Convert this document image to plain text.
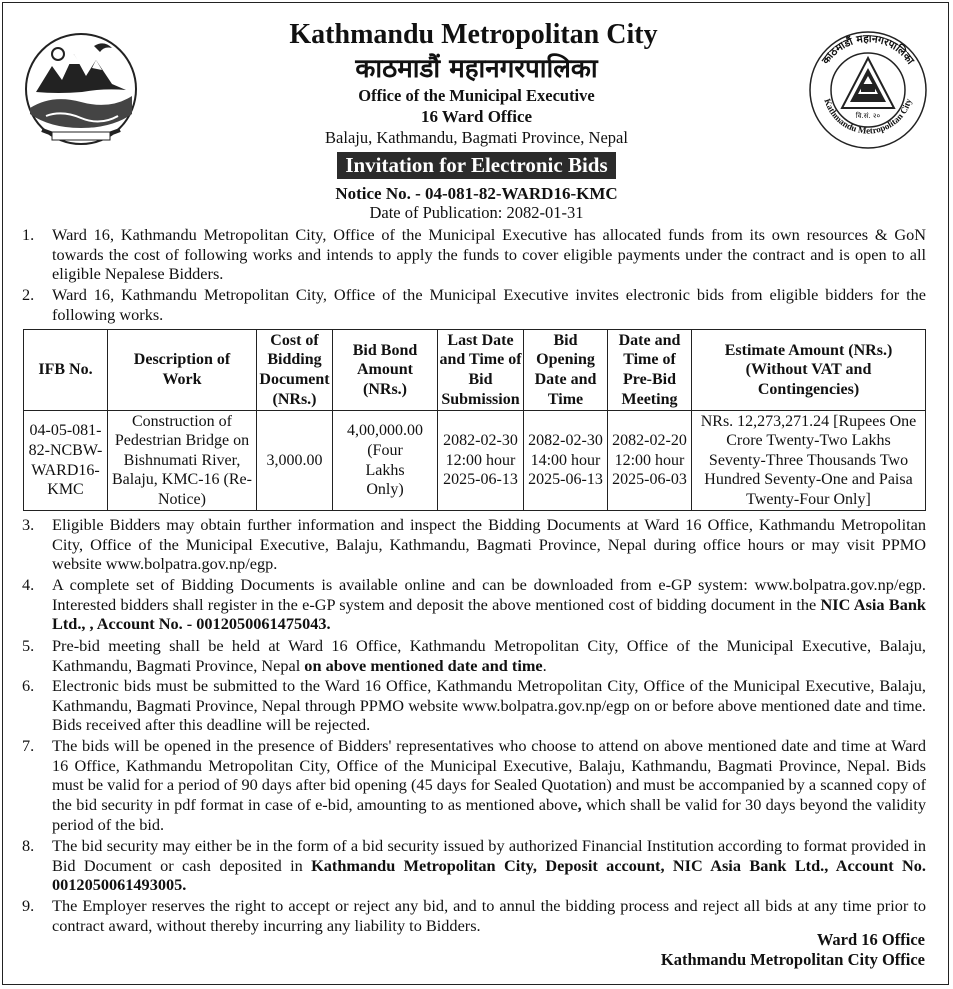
काठमाडौं महानगरपालिका
Kathmandu Metropolitan City
वि.सं. २०
Kathmandu Metropolitan City
काठमाडौं महानगरपालिका
Office of the Municipal Executive
16 Ward Office
Balaju, Kathmandu, Bagmati Province, Nepal
Invitation for Electronic Bids
Notice No. - 04-081-82-WARD16-KMC
Date of Publication: 2082-01-31
1.	Ward 16, Kathmandu Metropolitan City, Office of the Municipal Executive has allocated funds from its own resources & GoN towards the cost of following works and intends to apply the funds to cover eligible payments under the contract and is open to all eligible Nepalese Bidders.
2.	Ward 16, Kathmandu Metropolitan City, Office of the Municipal Executive invites electronic bids from eligible bidders for the following works.
IFB No.	Description of Work	Cost of Bidding Document (NRs.)	Bid Bond Amount (NRs.)	Last Date and Time of Bid Submission	Bid Opening Date and Time	Date and Time of Pre-Bid Meeting	Estimate Amount (NRs.) (Without VAT and Contingencies)
04-05-081-82-NCBW-WARD16-KMC	Construction of Pedestrian Bridge on Bishnumati River, Balaju, KMC-16 (Re-Notice)	3,000.00	4,00,000.00 (Four Lakhs Only)	2082-02-30 12:00 hour 2025-06-13	2082-02-30 14:00 hour 2025-06-13	2082-02-20 12:00 hour 2025-06-03	NRs. 12,273,271.24 [Rupees One Crore Twenty-Two Lakhs Seventy-Three Thousands Two Hundred Seventy-One and Paisa Twenty-Four Only]
3.	Eligible Bidders may obtain further information and inspect the Bidding Documents at Ward 16 Office, Kathmandu Metropolitan City, Office of the Municipal Executive, Balaju, Kathmandu, Bagmati Province, Nepal during office hours or may visit PPMO website www.bolpatra.gov.np/egp.
4.	A complete set of Bidding Documents is available online and can be downloaded from e-GP system: www.bolpatra.gov.np/egp. Interested bidders shall register in the e-GP system and deposit the above mentioned cost of bidding document in the NIC Asia Bank Ltd., , Account No. - 0012050061475043.
5.	Pre-bid meeting shall be held at Ward 16 Office, Kathmandu Metropolitan City, Office of the Municipal Executive, Balaju, Kathmandu, Bagmati Province, Nepal on above mentioned date and time.
6.	Electronic bids must be submitted to the Ward 16 Office, Kathmandu Metropolitan City, Office of the Municipal Executive, Balaju, Kathmandu, Bagmati Province, Nepal through PPMO website www.bolpatra.gov.np/egp on or before above mentioned date and time. Bids received after this deadline will be rejected.
7.	The bids will be opened in the presence of Bidders' representatives who choose to attend on above mentioned date and time at Ward 16 Office, Kathmandu Metropolitan City, Office of the Municipal Executive, Balaju, Kathmandu, Bagmati Province, Nepal. Bids must be valid for a period of 90 days after bid opening (45 days for Sealed Quotation) and must be accompanied by a scanned copy of the bid security in pdf format in case of e-bid, amounting to as mentioned above, which shall be valid for 30 days beyond the validity period of the bid.
8.	The bid security may either be in the form of a bid security issued by authorized Financial Institution according to format provided in Bid Document or cash deposited in Kathmandu Metropolitan City, Deposit account, NIC Asia Bank Ltd., Account No. 0012050061493005.
9.	The Employer reserves the right to accept or reject any bid, and to annul the bidding process and reject all bids at any time prior to contract award, without thereby incurring any liability to Bidders.
Ward 16 Office
Kathmandu Metropolitan City Office
